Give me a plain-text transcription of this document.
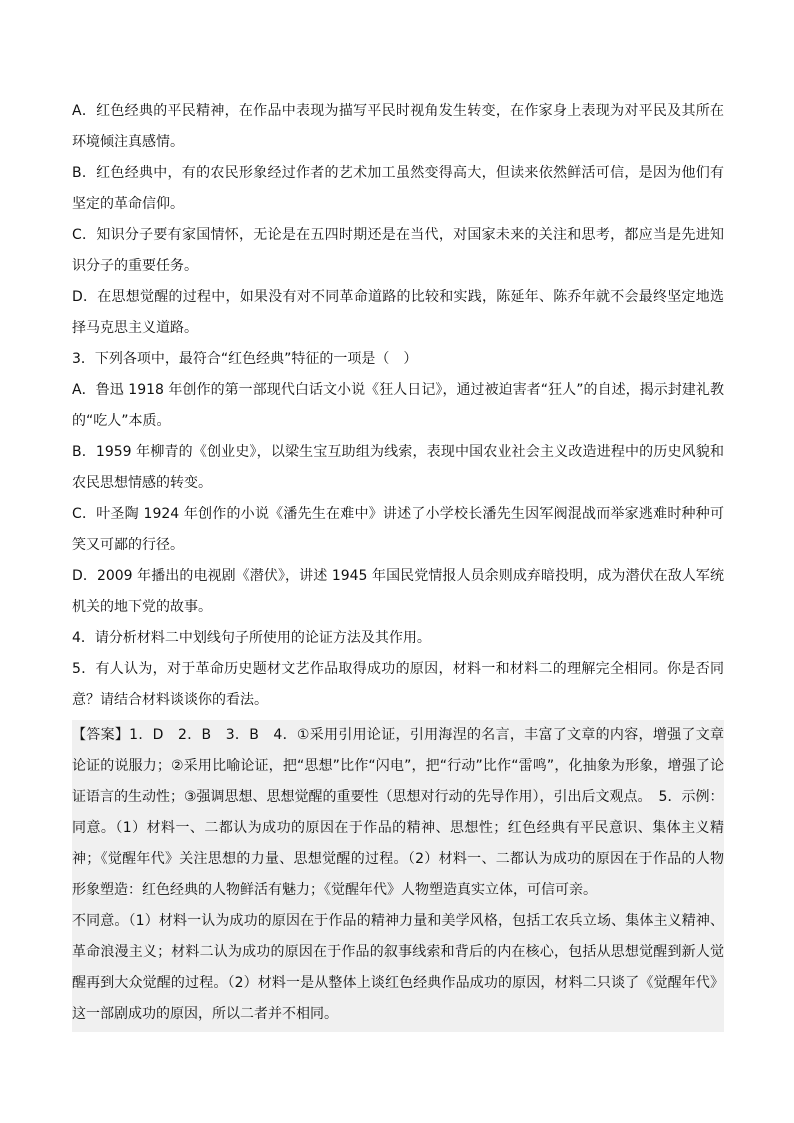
A．红色经典的平民精神，在作品中表现为描写平民时视角发生转变，在作家身上表现为对平民及其所在环境倾注真感情。

B．红色经典中，有的农民形象经过作者的艺术加工虽然变得高大，但读来依然鲜活可信，是因为他们有坚定的革命信仰。

C．知识分子要有家国情怀，无论是在五四时期还是在当代，对国家未来的关注和思考，都应当是先进知识分子的重要任务。

D．在思想觉醒的过程中，如果没有对不同革命道路的比较和实践，陈延年、陈乔年就不会最终坚定地选择马克思主义道路。

3．下列各项中，最符合“红色经典”特征的一项是（　）

A．鲁迅 1918 年创作的第一部现代白话文小说《狂人日记》，通过被迫害者“狂人”的自述，揭示封建礼教的“吃人”本质。

B．1959 年柳青的《创业史》，以梁生宝互助组为线索，表现中国农业社会主义改造进程中的历史风貌和农民思想情感的转变。

C．叶圣陶 1924 年创作的小说《潘先生在难中》讲述了小学校长潘先生因军阀混战而举家逃难时种种可笑又可鄙的行径。

D．2009 年播出的电视剧《潜伏》，讲述 1945 年国民党情报人员余则成弃暗投明，成为潜伏在敌人军统机关的地下党的故事。

4．请分析材料二中划线句子所使用的论证方法及其作用。

5．有人认为，对于革命历史题材文艺作品取得成功的原因，材料一和材料二的理解完全相同。你是否同意？请结合材料谈谈你的看法。

【答案】1．D　2．B　3．B　4．①采用引用论证，引用海涅的名言，丰富了文章的内容，增强了文章论证的说服力；②采用比喻论证，把“思想”比作“闪电”，把“行动”比作“雷鸣”，化抽象为形象，增强了论证语言的生动性；③强调思想、思想觉醒的重要性（思想对行动的先导作用），引出后文观点。　5．示例：

同意。（1）材料一、二都认为成功的原因在于作品的精神、思想性；红色经典有平民意识、集体主义精神；《觉醒年代》关注思想的力量、思想觉醒的过程。（2）材料一、二都认为成功的原因在于作品的人物形象塑造：红色经典的人物鲜活有魅力；《觉醒年代》人物塑造真实立体，可信可亲。

不同意。（1）材料一认为成功的原因在于作品的精神力量和美学风格，包括工农兵立场、集体主义精神、革命浪漫主义；材料二认为成功的原因在于作品的叙事线索和背后的内在核心，包括从思想觉醒到新人觉醒再到大众觉醒的过程。（2）材料一是从整体上谈红色经典作品成功的原因，材料二只谈了《觉醒年代》这一部剧成功的原因，所以二者并不相同。
